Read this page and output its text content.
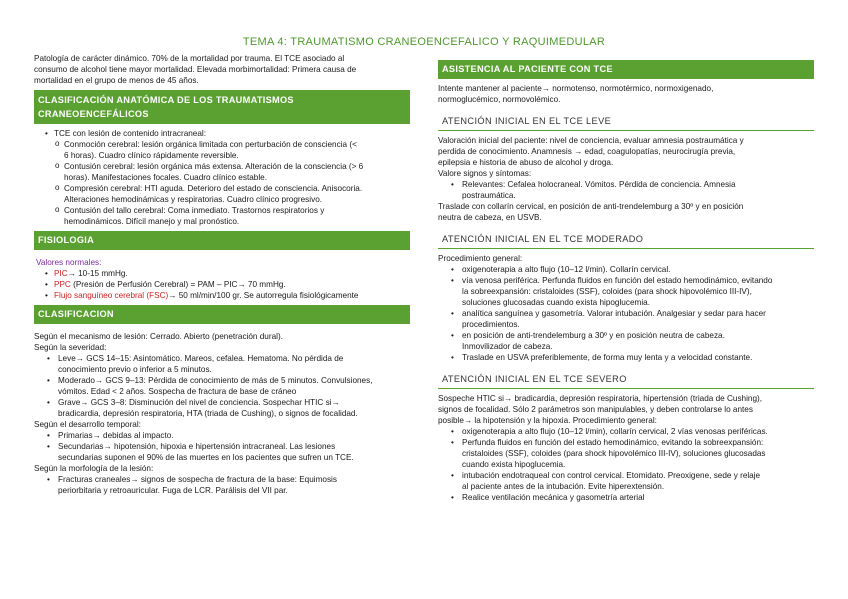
TEMA 4: TRAUMATISMO CRANEOENCEFALICO Y RAQUIMEDULAR
Patología de carácter dinámico. 70% de la mortalidad por trauma. El TCE asociado al
consumo de alcohol tiene mayor mortalidad. Elevada morbimortalidad: Primera causa de
mortalidad en el grupo de menos de 45 años.
CLASIFICACIÓN ANATÓMICA DE LOS TRAUMATISMOS CRANEOENCEFÁLICOS
• TCE con lesión de contenido intracraneal:
o Conmoción cerebral: lesión orgánica limitada con perturbación de consciencia (<
6 horas). Cuadro clínico rápidamente reversible.
o Contusión cerebral: lesión orgánica más extensa. Alteración de la consciencia (> 6
horas). Manifestaciones focales. Cuadro clínico estable.
o Compresión cerebral: HTI aguda. Deterioro del estado de consciencia. Anisocoria.
Alteraciones hemodinámicas y respiratorias. Cuadro clínico progresivo.
o Contusión del tallo cerebral: Coma inmediato. Trastornos respiratorios y
hemodinámicos. Difícil manejo y mal pronóstico.
FISIOLOGIA
Valores normales:
• PIC→ 10-15 mmHg.
• PPC (Presión de Perfusión Cerebral) = PAM – PIC→ 70 mmHg.
• Flujo sanguíneo cerebral (FSC)→ 50 ml/min/100 gr. Se autorregula fisiológicamente
CLASIFICACION
Según el mecanismo de lesión: Cerrado. Abierto (penetración dural).
Según la severidad:
• Leve→ GCS 14–15: Asintomático. Mareos, cefalea. Hematoma. No pérdida de
conocimiento previo o inferior a 5 minutos.
• Moderado→ GCS 9–13: Pérdida de conocimiento de más de 5 minutos. Convulsiones,
vómitos. Edad < 2 años. Sospecha de fractura de base de cráneo
• Grave→ GCS 3–8: Disminución del nivel de conciencia. Sospechar HTIC si→
bradicardia, depresión respiratoria, HTA (triada de Cushing), o signos de focalidad.
Según el desarrollo temporal:
• Primarias→ debidas al impacto.
• Secundarias→ hipotensión, hipoxia e hipertensión intracraneal. Las lesiones
secundarias suponen el 90% de las muertes en los pacientes que sufren un TCE.
Según la morfología de la lesión:
• Fracturas craneales→ signos de sospecha de fractura de la base: Equimosis
periorbitaria y retroauricular. Fuga de LCR. Parálisis del VII par.
ASISTENCIA AL PACIENTE CON TCE
Intente mantener al paciente→ normotenso, normotérmico, normoxigenado,
normoglucémico, normovolémico.
ATENCIÓN INICIAL EN EL TCE LEVE
Valoración inicial del paciente: nivel de conciencia, evaluar amnesia postraumática y
perdida de conocimiento. Anamnesis → edad, coagulopatías, neurocirugía previa,
epilepsia e historia de abuso de alcohol y droga.
Valore signos y síntomas:
• Relevantes: Cefalea holocraneal. Vómitos. Pérdida de conciencia. Amnesia
postraumática.
Traslade con collarín cervical, en posición de anti-trendelemburg a 30º y en posición
neutra de cabeza, en USVB.
ATENCIÓN INICIAL EN EL TCE MODERADO
Procedimiento general:
• oxigenoterapia a alto flujo (10–12 l/min). Collarín cervical.
• vía venosa periférica. Perfunda fluidos en función del estado hemodinámico, evitando
la sobreexpansión: cristaloides (SSF), coloides (para shock hipovolémico III-IV),
soluciones glucosadas cuando exista hipoglucemia.
• analítica sanguínea y gasometría. Valorar intubación. Analgesiar y sedar para hacer
procedimientos.
• en posición de anti-trendelemburg a 30º y en posición neutra de cabeza.
Inmovilizador de cabeza.
• Traslade en USVA preferiblemente, de forma muy lenta y a velocidad constante.
ATENCIÓN INICIAL EN EL TCE SEVERO
Sospeche HTIC si→ bradicardia, depresión respiratoria, hipertensión (triada de Cushing),
signos de focalidad. Sólo 2 parámetros son manipulables, y deben controlarse lo antes
posible→ la hipotensión y la hipoxia. Procedimiento general:
• oxigenoterapia a alto flujo (10–12 l/min), collarín cervical, 2 vías venosas periféricas.
• Perfunda fluidos en función del estado hemodinámico, evitando la sobreexpansión:
cristaloides (SSF), coloides (para shock hipovolémico III-IV), soluciones glucosadas
cuando exista hipoglucemia.
• intubación endotraqueal con control cervical. Etomidato. Preoxigene, sede y relaje
al paciente antes de la intubación. Evite hiperextensión.
• Realice ventilación mecánica y gasometría arterial
